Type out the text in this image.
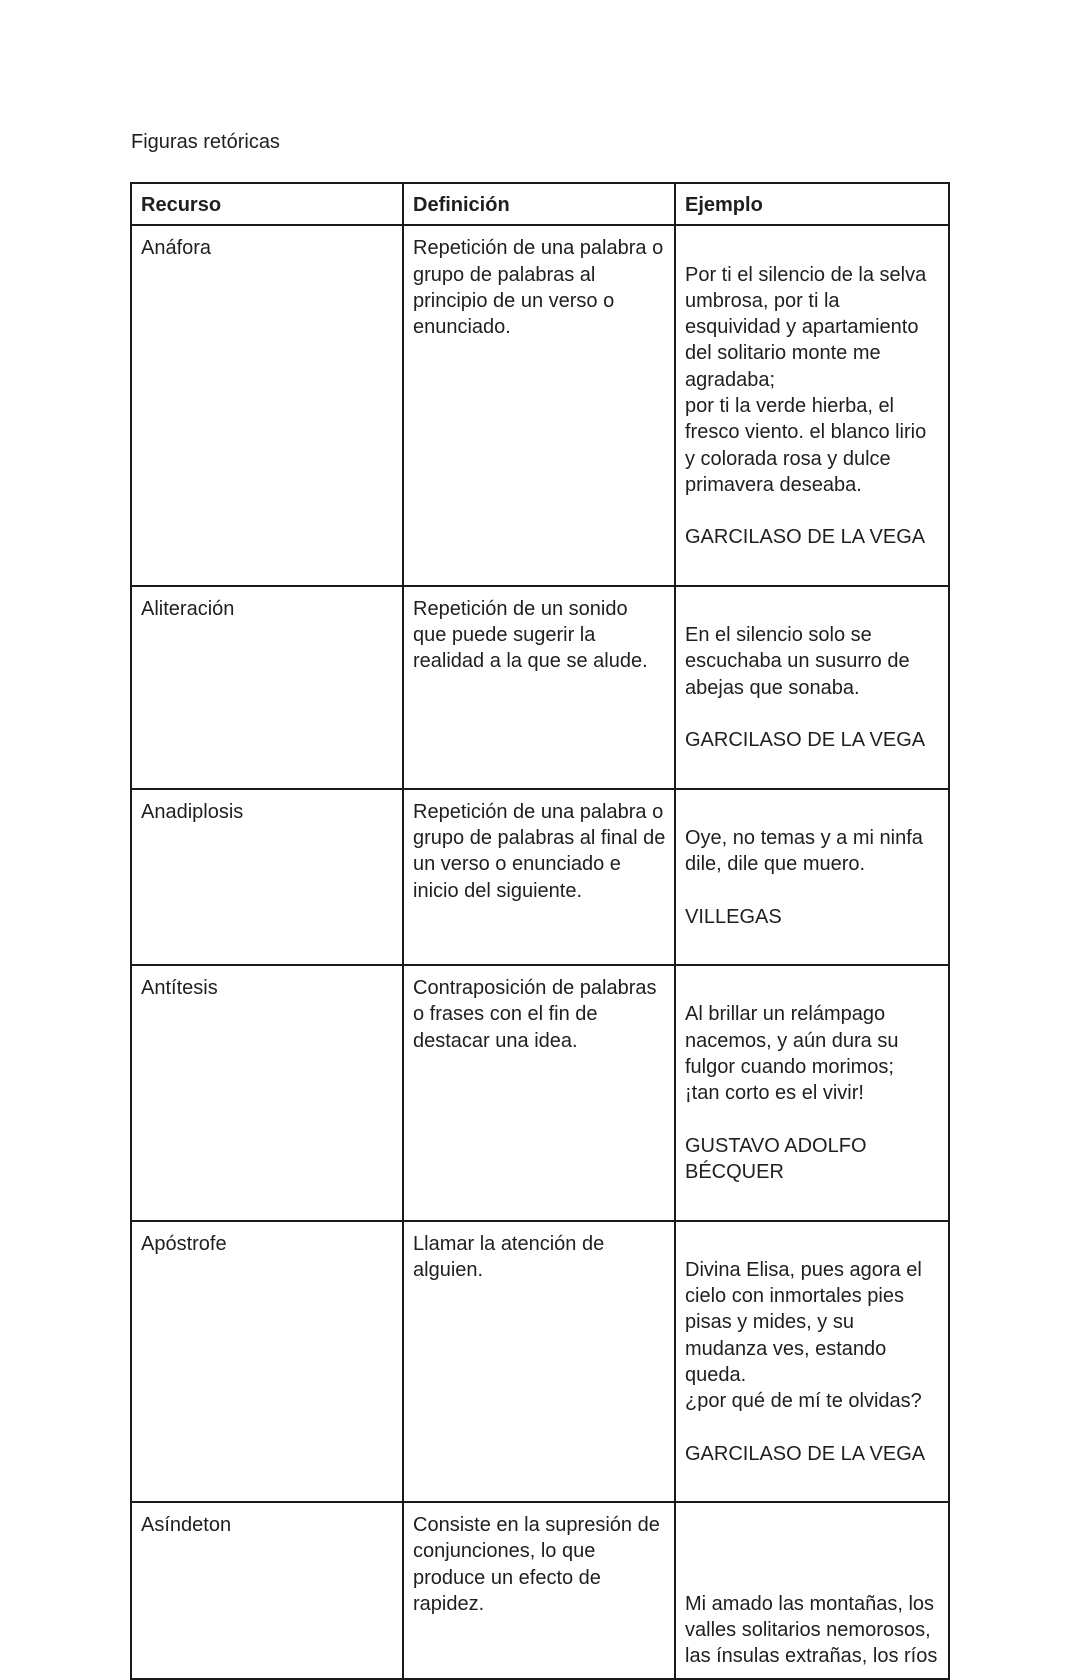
Figuras retóricas
Recurso	Definición	Ejemplo
Anáfora	Repetición de una palabra o grupo de palabras al principio de un verso o enunciado.	Por ti el silencio de la selva umbrosa, por ti la esquividad y apartamiento del solitario monte me agradaba;
por ti la verde hierba, el fresco viento. el blanco lirio y colorada rosa y dulce primavera deseaba.

GARCILASO DE LA VEGA

Aliteración	Repetición de un sonido que puede sugerir la realidad a la que se alude.	En el silencio solo se escuchaba un susurro de abejas que sonaba.

GARCILASO DE LA VEGA

Anadiplosis	Repetición de una palabra o grupo de palabras al final de un verso o enunciado e inicio del siguiente.	Oye, no temas y a mi ninfa dile, dile que muero.

VILLEGAS

Antítesis	Contraposición de palabras o frases con el fin de destacar una idea.	Al brillar un relámpago nacemos, y aún dura su fulgor cuando morimos;
¡tan corto es el vivir!

GUSTAVO ADOLFO BÉCQUER

Apóstrofe	Llamar la atención de alguien.	Divina Elisa, pues agora el cielo con inmortales pies pisas y mides, y su mudanza ves, estando queda.
¿por qué de mí te olvidas?

GARCILASO DE LA VEGA

Asíndeton	Consiste en la supresión de conjunciones, lo que produce un efecto de rapidez.	Mi amado las montañas, los valles solitarios nemorosos, las ínsulas extrañas, los ríos
